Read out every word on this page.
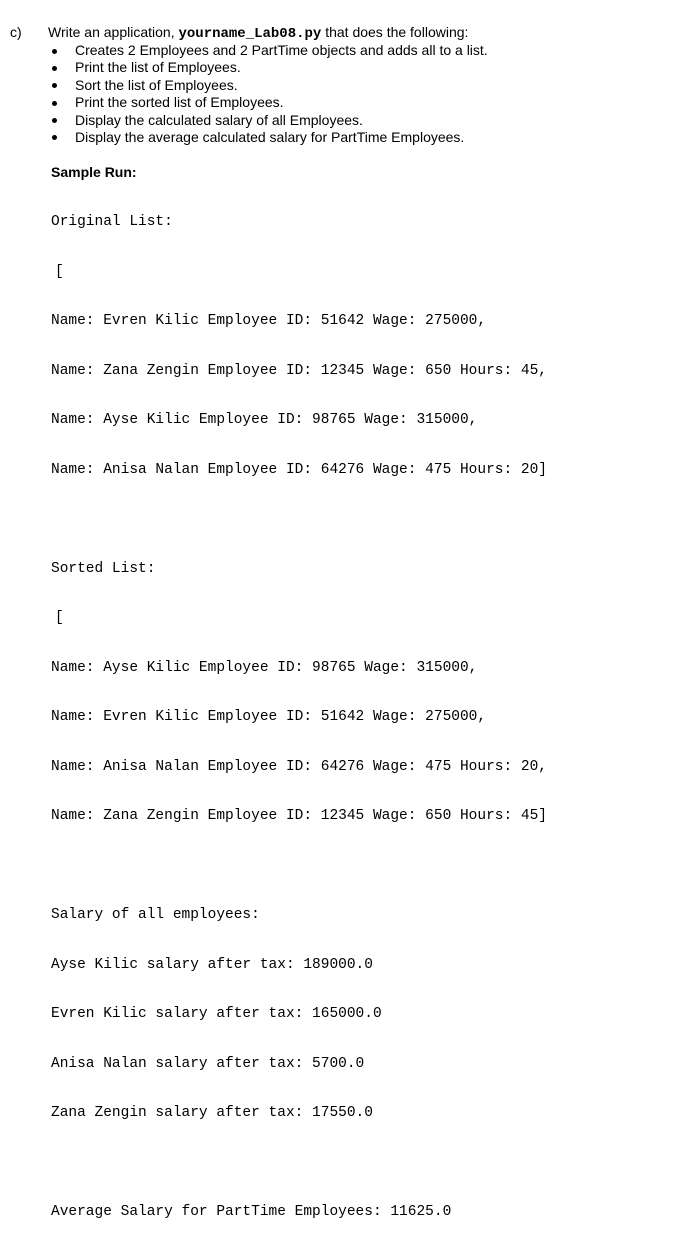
c) Write an application, yourname_Lab08.py that does the following:
Creates 2 Employees and 2 PartTime objects and adds all to a list.
Print the list of Employees.
Sort the list of Employees.
Print the sorted list of Employees.
Display the calculated salary of all Employees.
Display the average calculated salary for PartTime Employees.
Sample Run:

Original List:

[

Name: Evren Kilic Employee ID: 51642 Wage: 275000,

Name: Zana Zengin Employee ID: 12345 Wage: 650 Hours: 45,

Name: Ayse Kilic Employee ID: 98765 Wage: 315000,

Name: Anisa Nalan Employee ID: 64276 Wage: 475 Hours: 20]

Sorted List:

[

Name: Ayse Kilic Employee ID: 98765 Wage: 315000,

Name: Evren Kilic Employee ID: 51642 Wage: 275000,

Name: Anisa Nalan Employee ID: 64276 Wage: 475 Hours: 20,

Name: Zana Zengin Employee ID: 12345 Wage: 650 Hours: 45]

Salary of all employees:

Ayse Kilic salary after tax: 189000.0

Evren Kilic salary after tax: 165000.0

Anisa Nalan salary after tax: 5700.0

Zana Zengin salary after tax: 17550.0

Average Salary for PartTime Employees: 11625.0
